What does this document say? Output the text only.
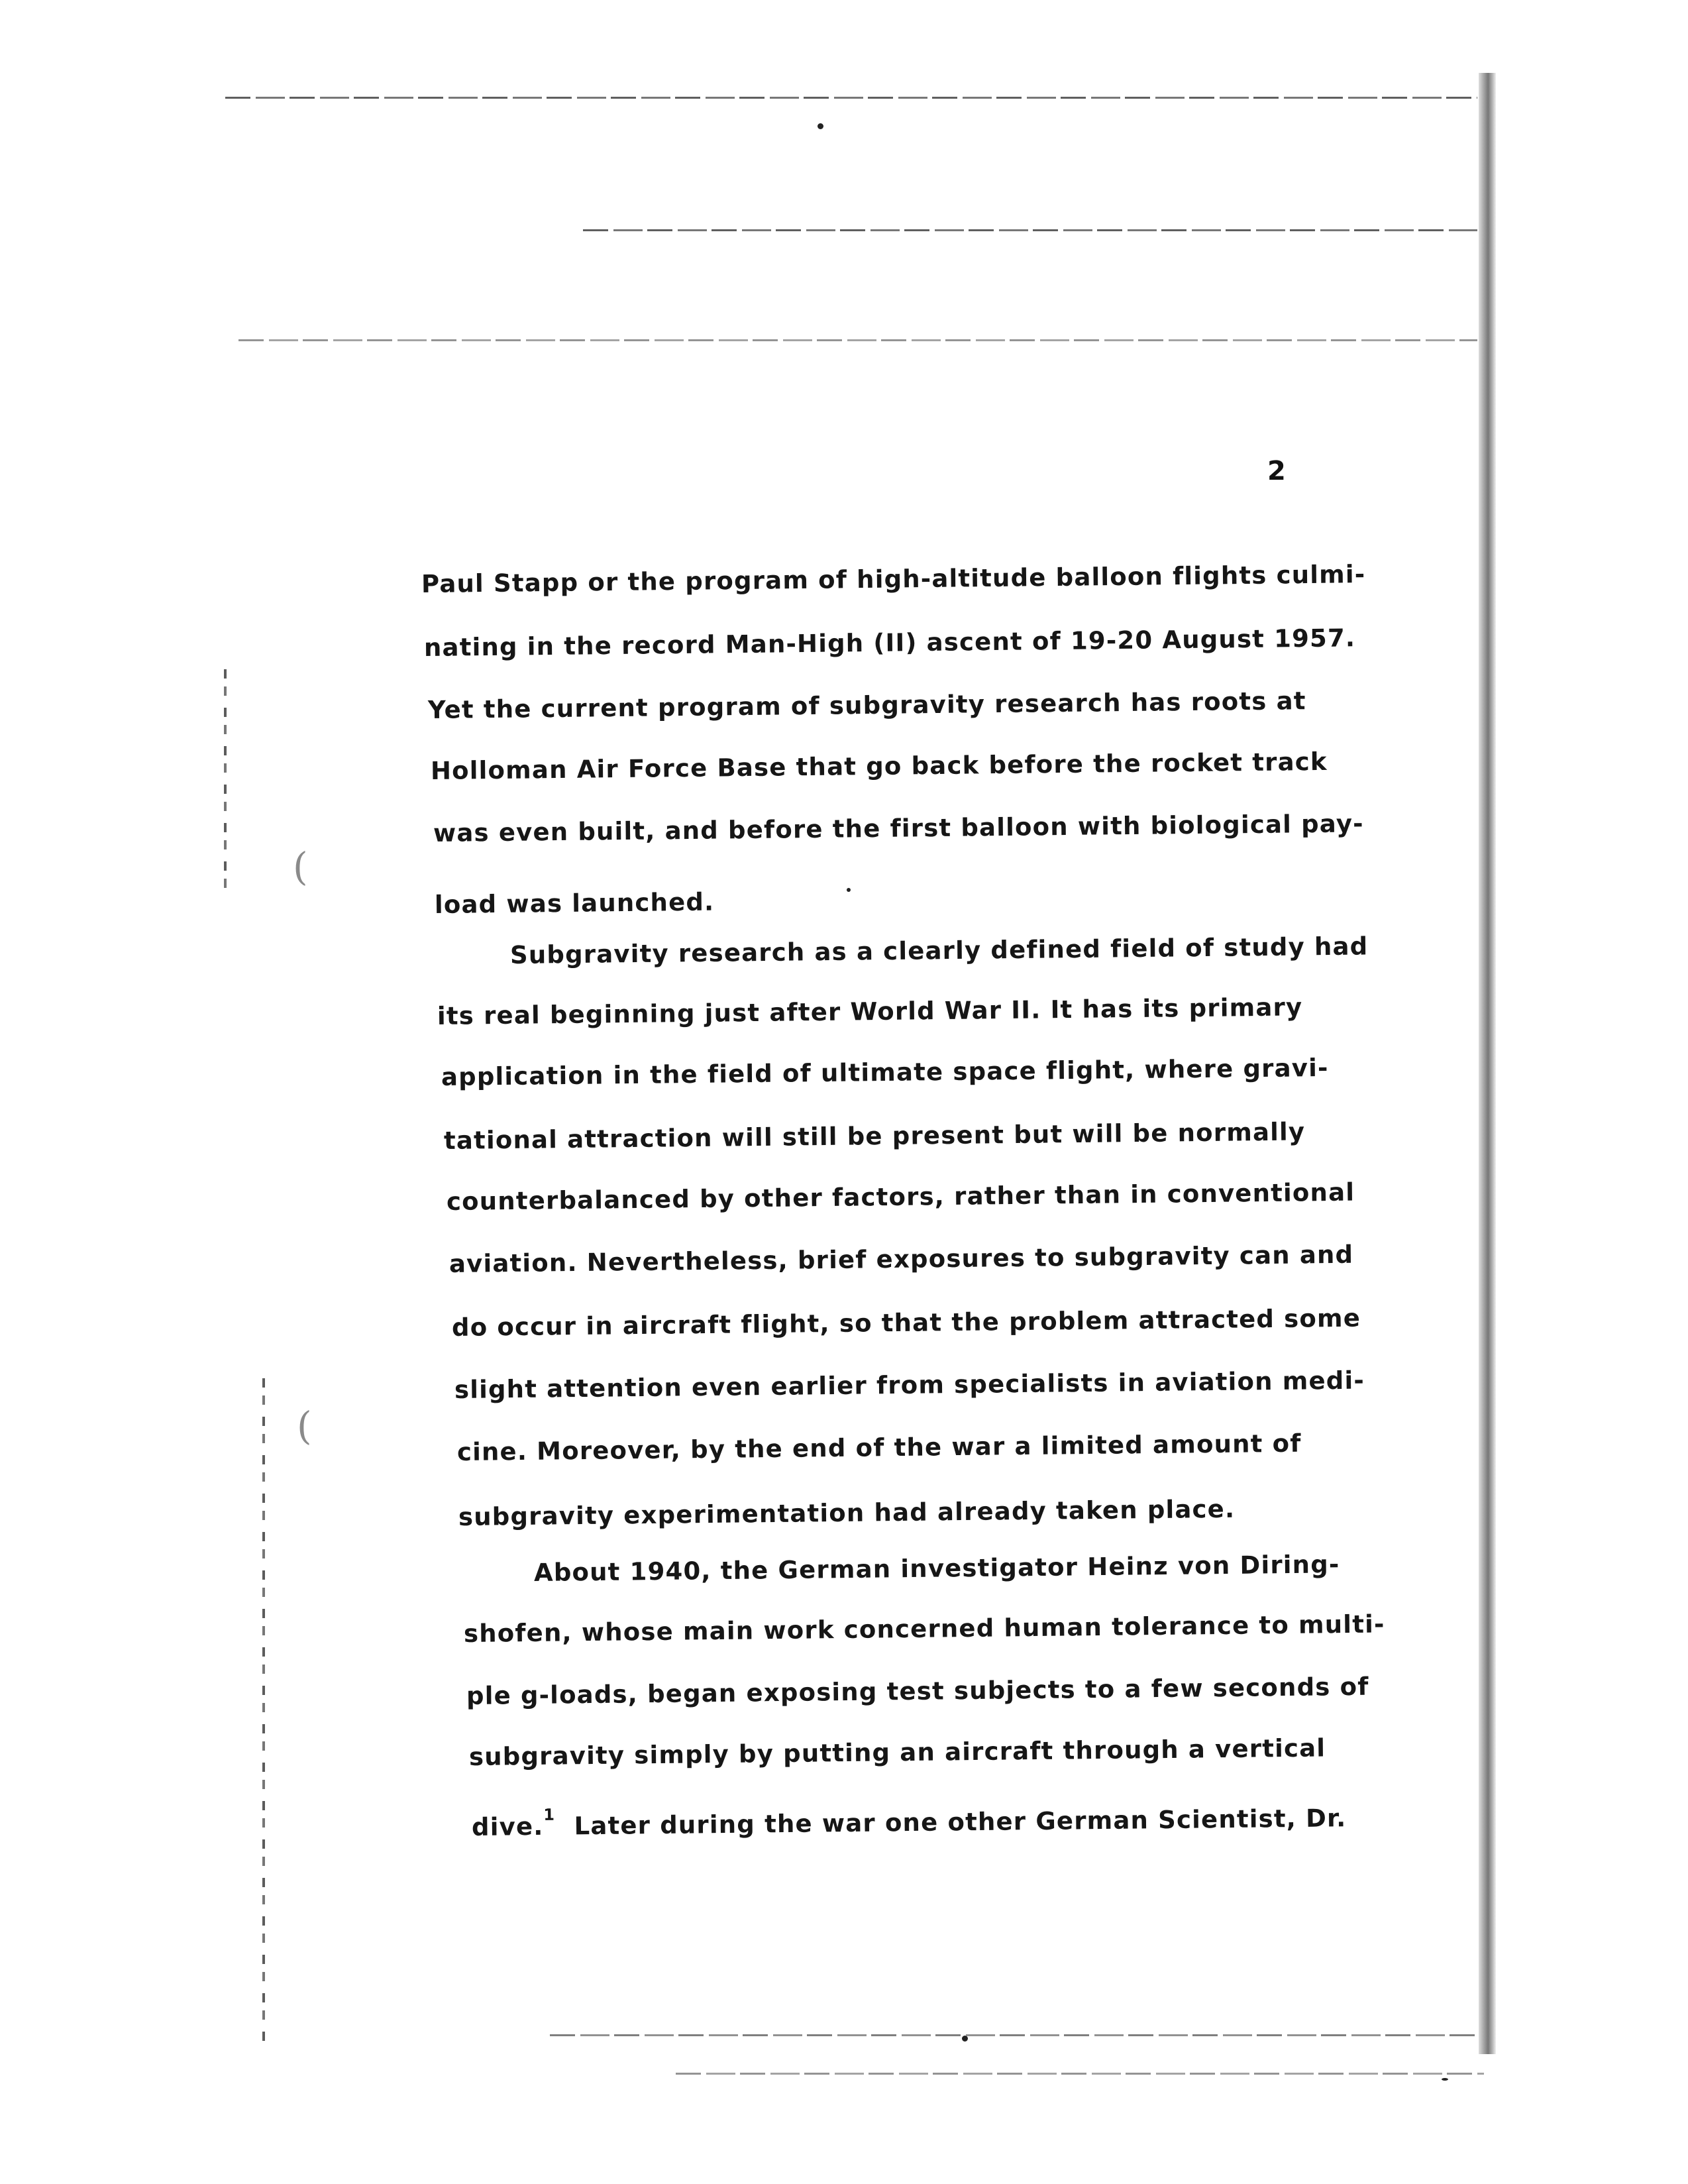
(
(
2
Paul Stapp or the program of high-altitude balloon flights culmi-
nating in the record Man-High (II) ascent of 19-20 August 1957.
Yet the current program of subgravity research has roots at
Holloman Air Force Base that go back before the rocket track
was even built, and before the first balloon with biological pay-
load was launched.
Subgravity research as a clearly defined field of study had
its real beginning just after World War II. It has its primary
application in the field of ultimate space flight, where gravi-
tational attraction will still be present but will be normally
counterbalanced by other factors, rather than in conventional
aviation. Nevertheless, brief exposures to subgravity can and
do occur in aircraft flight, so that the problem attracted some
slight attention even earlier from specialists in aviation medi-
cine. Moreover, by the end of the war a limited amount of
subgravity experimentation had already taken place.
About 1940, the German investigator Heinz von Diring-
shofen, whose main work concerned human tolerance to multi-
ple g-loads, began exposing test subjects to a few seconds of
subgravity simply by putting an aircraft through a vertical
dive.$^1$ Later during the war one other German Scientist, Dr.
